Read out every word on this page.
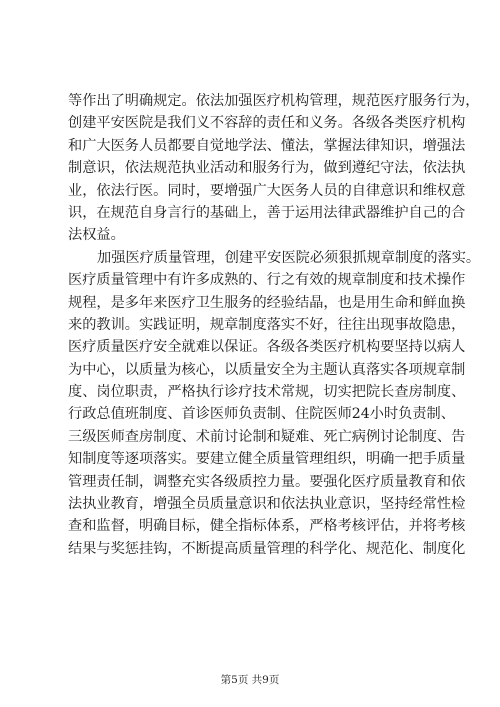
等作出了明确规定。依法加强医疗机构管理，规范医疗服务行为，
创建平安医院是我们义不容辞的责任和义务。各级各类医疗机构
和广大医务人员都要自觉地学法、懂法，掌握法律知识，增强法
制意识，依法规范执业活动和服务行为，做到遵纪守法，依法执
业，依法行医。同时，要增强广大医务人员的自律意识和维权意
识，在规范自身言行的基础上，善于运用法律武器维护自己的合
法权益。
加强医疗质量管理，创建平安医院必须狠抓规章制度的落实。
医疗质量管理中有许多成熟的、行之有效的规章制度和技术操作
规程，是多年来医疗卫生服务的经验结晶，也是用生命和鲜血换
来的教训。实践证明，规章制度落实不好，往往出现事故隐患，
医疗质量医疗安全就难以保证。各级各类医疗机构要坚持以病人
为中心，以质量为核心，以质量安全为主题认真落实各项规章制
度、岗位职责，严格执行诊疗技术常规，切实把院长查房制度、
行政总值班制度、首诊医师负责制、住院医师24小时负责制、
三级医师查房制度、术前讨论制和疑难、死亡病例讨论制度、告
知制度等逐项落实。要建立健全质量管理组织，明确一把手质量
管理责任制，调整充实各级质控力量。要强化医疗质量教育和依
法执业教育，增强全员质量意识和依法执业意识，坚持经常性检
查和监督，明确目标，健全指标体系，严格考核评估，并将考核
结果与奖惩挂钩，不断提高质量管理的科学化、规范化、制度化
第5页 共9页
